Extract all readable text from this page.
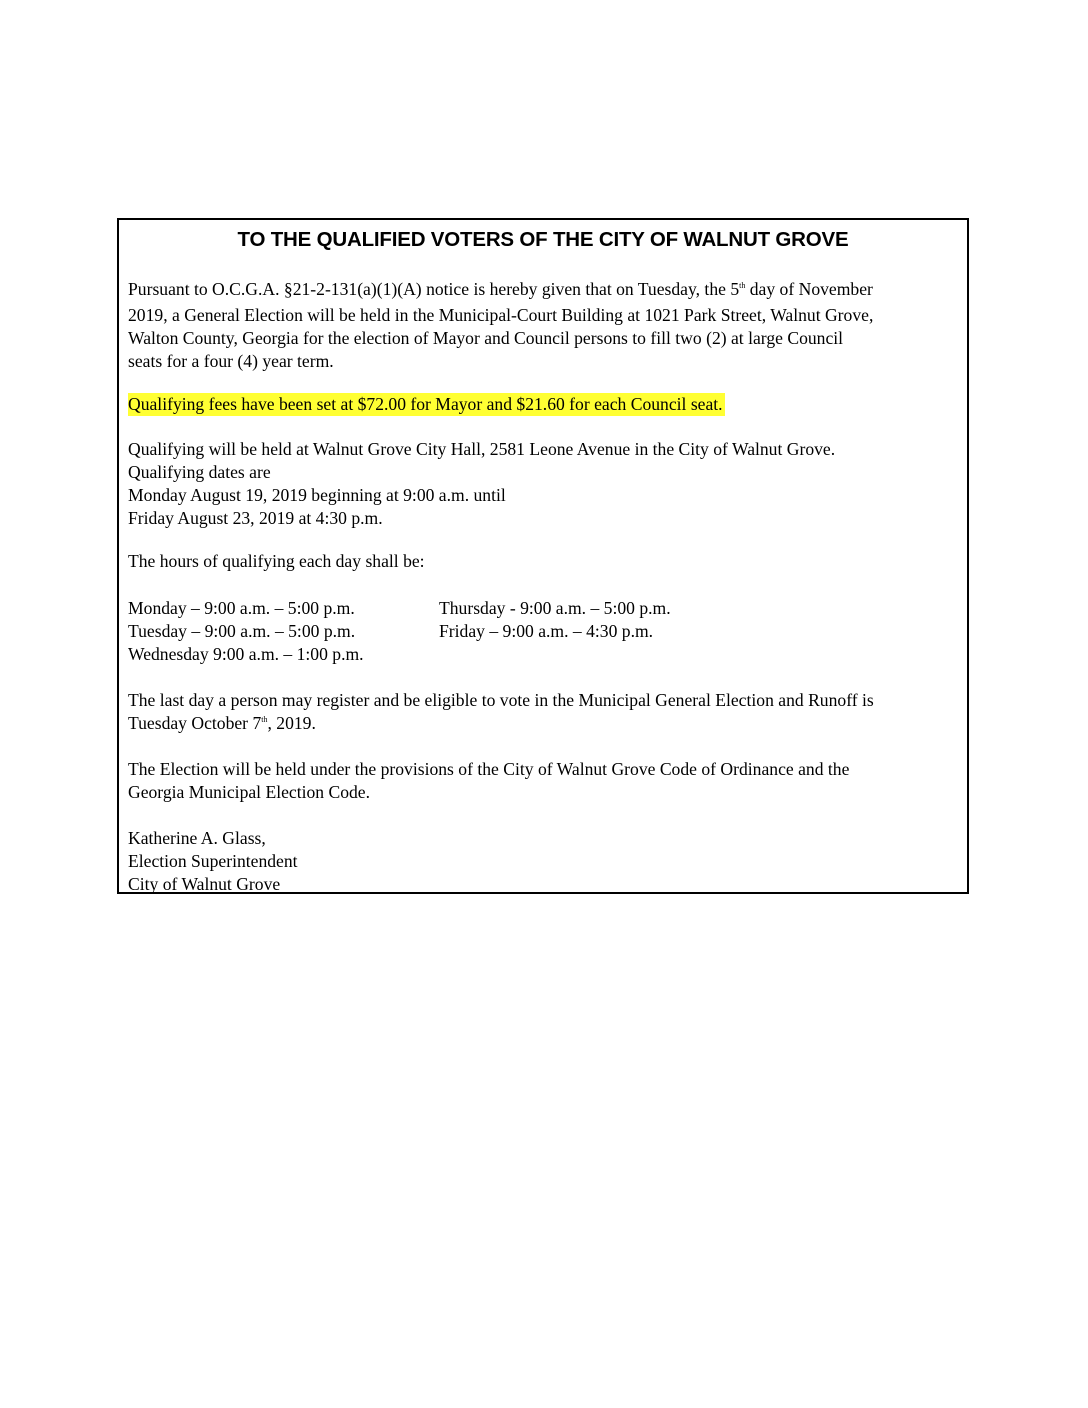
TO THE QUALIFIED VOTERS OF THE CITY OF WALNUT GROVE

Pursuant to O.C.G.A. §21-2-131(a)(1)(A) notice is hereby given that on Tuesday, the 5th day of November
2019, a General Election will be held in the Municipal-Court Building at 1021 Park Street, Walnut Grove,
Walton County, Georgia for the election of Mayor and Council persons to fill two (2) at large Council
seats for a four (4) year term.

Qualifying fees have been set at $72.00 for Mayor and $21.60 for each Council seat.

Qualifying will be held at Walnut Grove City Hall, 2581 Leone Avenue in the City of Walnut Grove.
Qualifying dates are
Monday August 19, 2019 beginning at 9:00 a.m. until
Friday August 23, 2019 at 4:30 p.m.

The hours of qualifying each day shall be:

Monday – 9:00 a.m. – 5:00 p.m.	Thursday - 9:00 a.m. – 5:00 p.m.
Tuesday – 9:00 a.m. – 5:00 p.m.	Friday – 9:00 a.m. – 4:30 p.m.
Wednesday 9:00 a.m. – 1:00 p.m.

The last day a person may register and be eligible to vote in the Municipal General Election and Runoff is
Tuesday October 7th, 2019.

The Election will be held under the provisions of the City of Walnut Grove Code of Ordinance and the
Georgia Municipal Election Code.

Katherine A. Glass,
Election Superintendent
City of Walnut Grove
